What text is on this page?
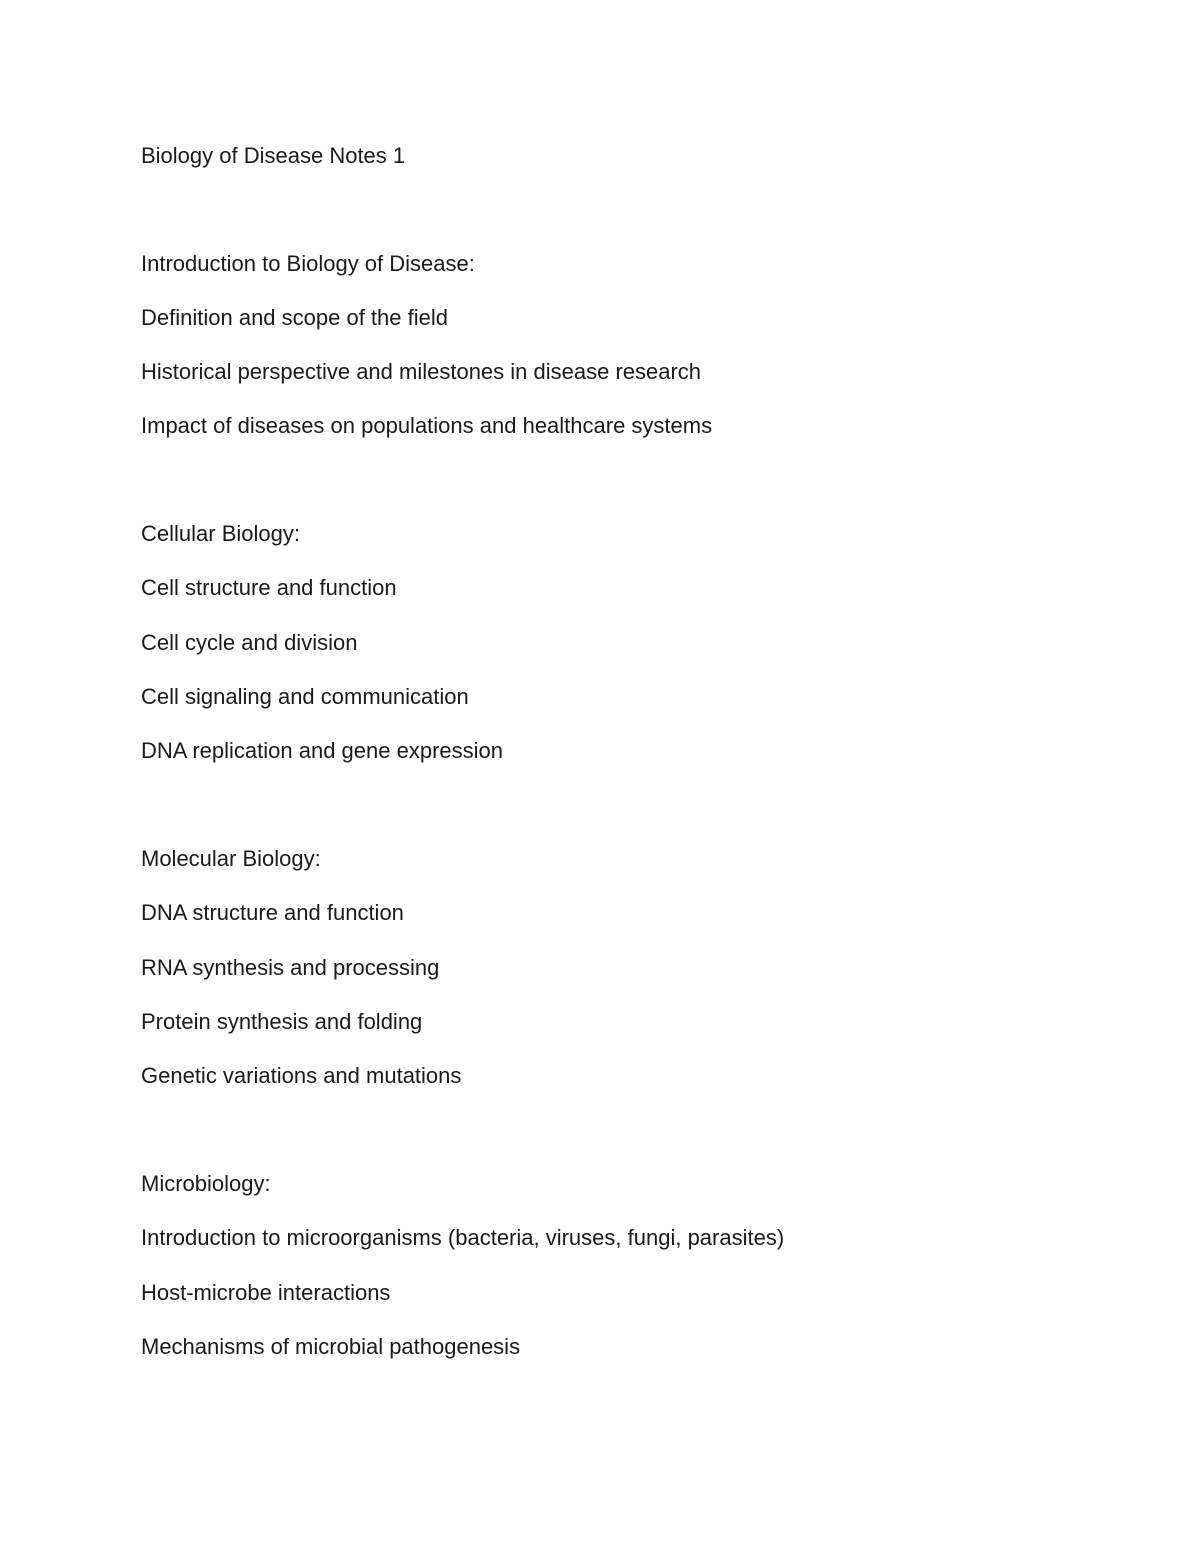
Biology of Disease Notes 1
Introduction to Biology of Disease:
Definition and scope of the field
Historical perspective and milestones in disease research
Impact of diseases on populations and healthcare systems
Cellular Biology:
Cell structure and function
Cell cycle and division
Cell signaling and communication
DNA replication and gene expression
Molecular Biology:
DNA structure and function
RNA synthesis and processing
Protein synthesis and folding
Genetic variations and mutations
Microbiology:
Introduction to microorganisms (bacteria, viruses, fungi, parasites)
Host-microbe interactions
Mechanisms of microbial pathogenesis
